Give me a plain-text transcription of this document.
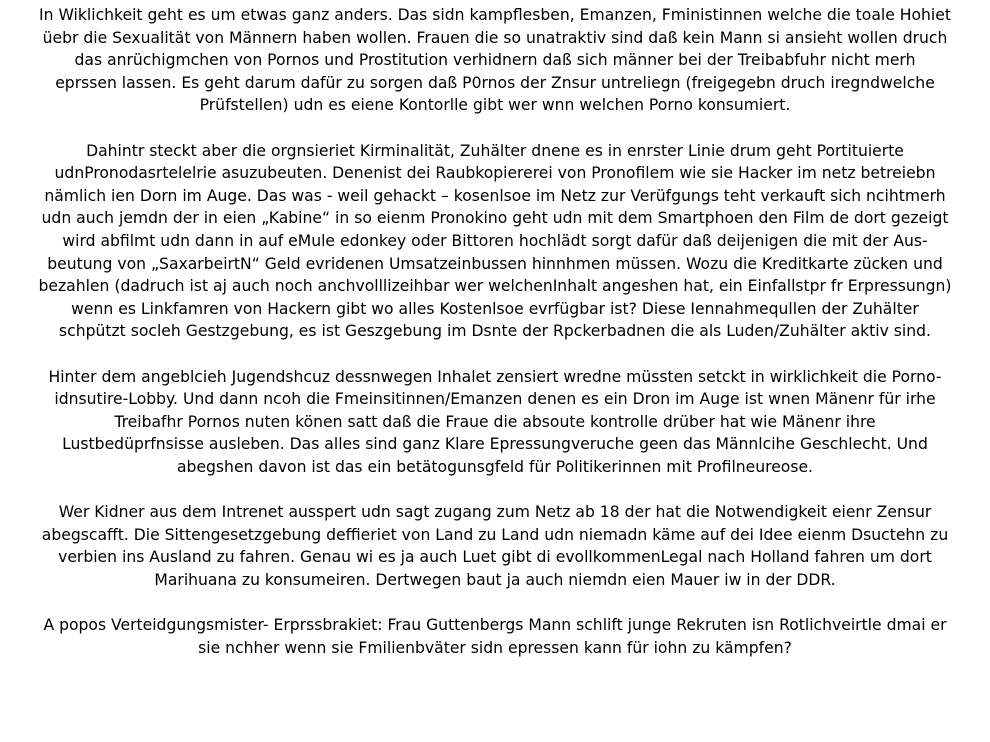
In Wiklichkeit geht es um etwas ganz anders. Das sidn kampflesben, Emanzen, Fministinnen welche die toale Hohiet
üebr die Sexualität von Männern haben wollen. Frauen die so unatraktiv sind daß kein Mann si ansieht wollen druch
das anrüchigmchen von Pornos und Prostitution verhidnern daß sich männer bei der Treibabfuhr nicht merh
eprssen lassen. Es geht darum dafür zu sorgen daß P0rnos der Znsur untreliegn (freigegebn druch iregndwelche
Prüfstellen) udn es eiene Kontorlle gibt wer wnn welchen Porno konsumiert.

Dahintr steckt aber die orgnsieriet Kirminalität, Zuhälter dnene es in enrster Linie drum geht Portituierte
udnPronodasrtelelrie asuzubeuten. Denenist dei Raubkopiererei von Pronofilem wie sie Hacker im netz betreiebn
nämlich ien Dorn im Auge. Das was - weil gehackt – kosenlsoe im Netz zur Verüfgungs teht verkauft sich ncihtmerh
udn auch jemdn der in eien „Kabine“ in so eienm Pronokino geht udn mit dem Smartphoen den Film de dort gezeigt
wird abfilmt udn dann in auf eMule edonkey oder Bittoren hochlädt sorgt dafür daß deijenigen die mit der Aus-
beutung von „SaxarbeirtN“ Geld evridenen Umsatzeinbussen hinnhmen müssen. Wozu die Kreditkarte zücken und
bezahlen (dadruch ist aj auch noch anchvolllizeihbar wer welchenInhalt angeshen hat, ein Einfallstpr fr Erpressungn)
wenn es Linkfamren von Hackern gibt wo alles Kostenlsoe evrfügbar ist? Diese Iennahmequllen der Zuhälter
schpützt socleh Gestzgebung, es ist Geszgebung im Dsnte der Rpckerbadnen die als Luden/Zuhälter aktiv sind.

Hinter dem angeblcieh Jugendshcuz dessnwegen Inhalet zensiert wredne müssten setckt in wirklichkeit die Porno-
idnsutire-Lobby. Und dann ncoh die Fmeinsitinnen/Emanzen denen es ein Dron im Auge ist wnen Mänenr für irhe
Treibafhr Pornos nuten könen satt daß die Fraue die absoute kontrolle drüber hat wie Mänenr ihre
Lustbedüprfnsisse ausleben. Das alles sind ganz Klare Epressungveruche geen das Männlcihe Geschlecht. Und
abegshen davon ist das ein betätogunsgfeld für Politikerinnen mit Profilneureose.

Wer Kidner aus dem Intrenet ausspert udn sagt zugang zum Netz ab 18 der hat die Notwendigkeit eienr Zensur
abegscafft. Die Sittengesetzgebung deffieriet von Land zu Land udn niemadn käme auf dei Idee eienm Dsuctehn zu
verbien ins Ausland zu fahren. Genau wi es ja auch Luet gibt di evollkommenLegal nach Holland fahren um dort
Marihuana zu konsumeiren. Dertwegen baut ja auch niemdn eien Mauer iw in der DDR.

A popos Verteidgungsmister- Erprssbrakiet: Frau Guttenbergs Mann schlift junge Rekruten isn Rotlichveirtle dmai er
sie nchher wenn sie Fmilienbväter sidn epressen kann für iohn zu kämpfen?
